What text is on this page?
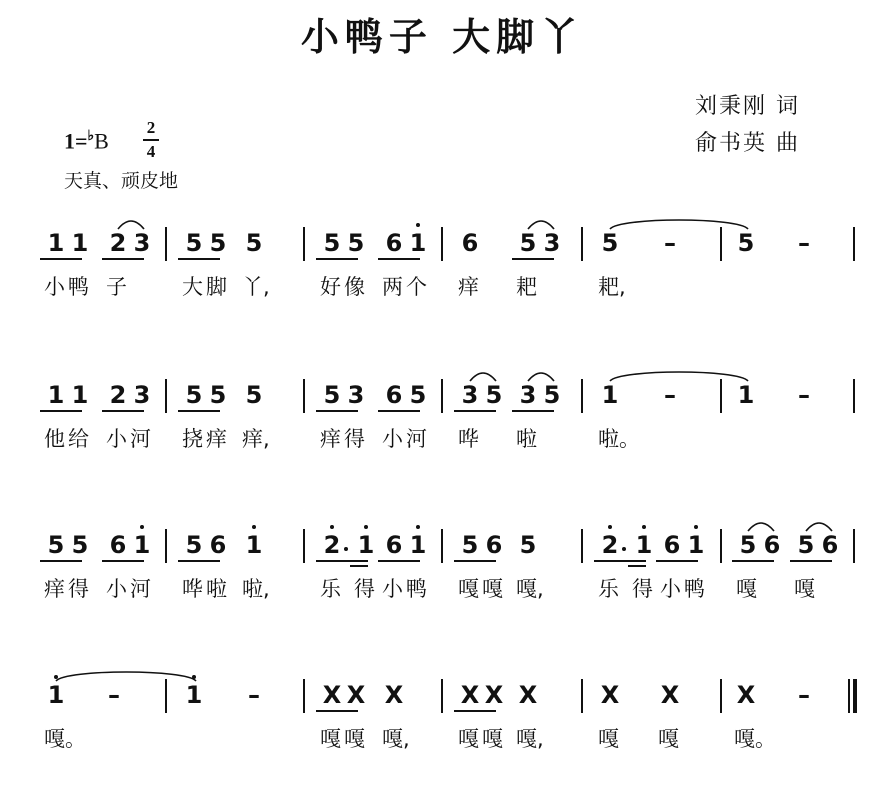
小鸭子 大脚丫
刘秉刚 词
俞书英 曲
1=♭B
2
4
天真、顽皮地
1 1 2 3 5 5 5	5 5 6 1 6 5 3 5 –	5 –
小 鸭 子	大 脚 丫, 好 像 两 个 痒 耙	耙,
1 1 2 3 5 5 5	5 3 6 5 3 5 3 5 1 –	1 –
他 给 小 河 挠 痒 痒, 痒 得 小 河 哗 啦	啦。
5 5 6 1 5 6 1	2 1 6 1 5 6 5	2 1 6 1 5 6 5 6
痒 得 小 河 哗 啦 啦, 乐 得 小 鸭 嘎 嘎 嘎,	乐 得 小 鸭 嘎 嘎
1 –	1 –	X X X X X X	X X X –
嘎。	嘎 嘎 嘎, 嘎 嘎 嘎,	嘎 嘎	嘎。
